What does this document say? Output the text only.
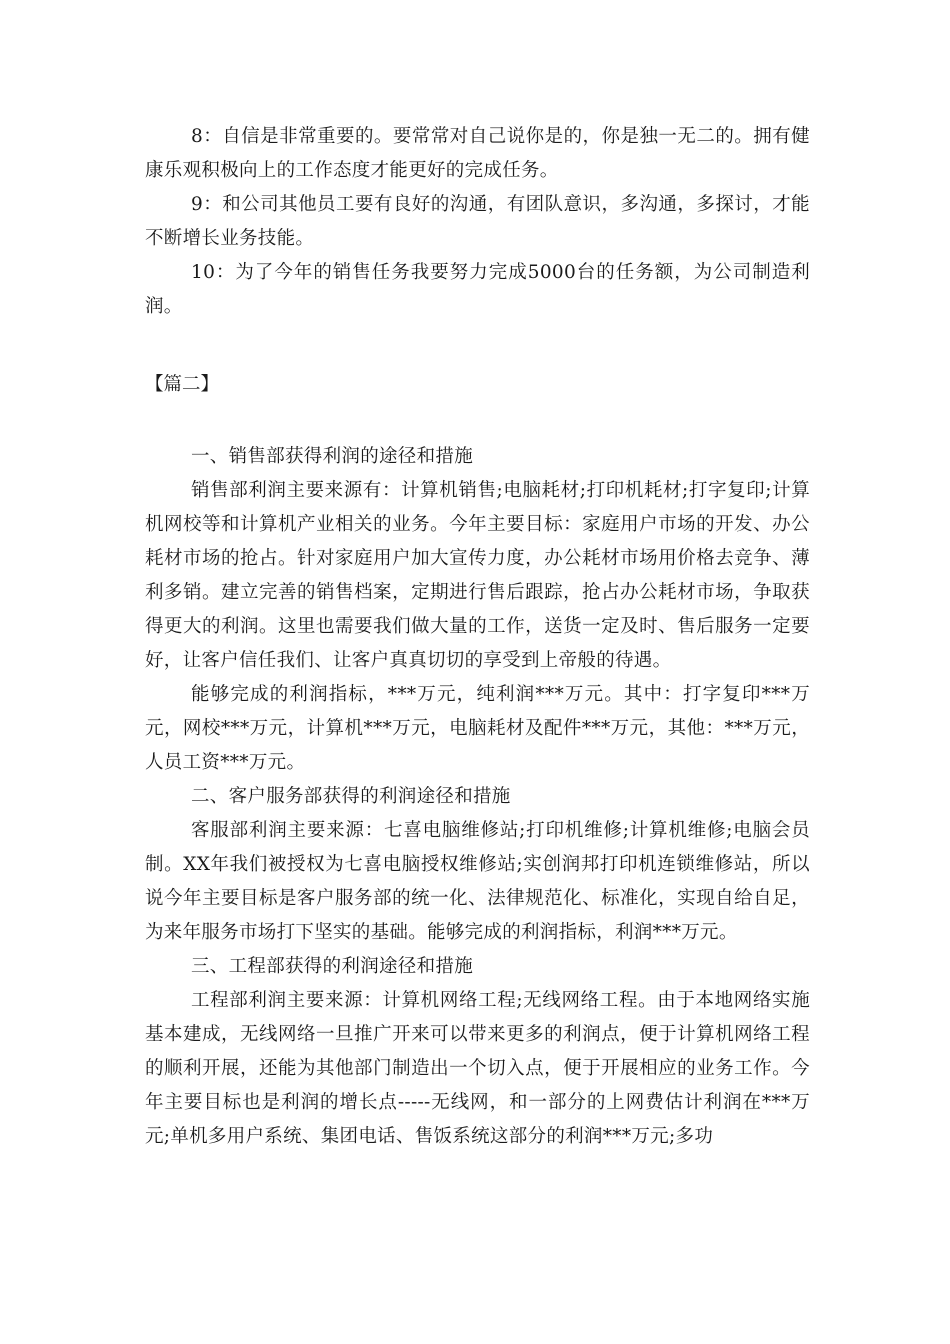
8：自信是非常重要的。要常常对自己说你是的，你是独一无二的。拥有健康乐观积极向上的工作态度才能更好的完成任务。

9：和公司其他员工要有良好的沟通，有团队意识，多沟通，多探讨，才能不断增长业务技能。

10：为了今年的销售任务我要努力完成5000台的任务额，为公司制造利润。

【篇二】

一、销售部获得利润的途径和措施

销售部利润主要来源有：计算机销售;电脑耗材;打印机耗材;打字复印;计算机网校等和计算机产业相关的业务。今年主要目标：家庭用户市场的开发、办公耗材市场的抢占。针对家庭用户加大宣传力度，办公耗材市场用价格去竞争、薄利多销。建立完善的销售档案，定期进行售后跟踪，抢占办公耗材市场，争取获得更大的利润。这里也需要我们做大量的工作，送货一定及时、售后服务一定要好，让客户信任我们、让客户真真切切的享受到上帝般的待遇。

能够完成的利润指标，***万元，纯利润***万元。其中：打字复印***万元，网校***万元，计算机***万元，电脑耗材及配件***万元，其他：***万元，人员工资***万元。

二、客户服务部获得的利润途径和措施

客服部利润主要来源：七喜电脑维修站;打印机维修;计算机维修;电脑会员制。XX年我们被授权为七喜电脑授权维修站;实创润邦打印机连锁维修站，所以说今年主要目标是客户服务部的统一化、法律规范化、标准化，实现自给自足，为来年服务市场打下坚实的基础。能够完成的利润指标，利润***万元。

三、工程部获得的利润途径和措施

工程部利润主要来源：计算机网络工程;无线网络工程。由于本地网络实施基本建成，无线网络一旦推广开来可以带来更多的利润点，便于计算机网络工程的顺利开展，还能为其他部门制造出一个切入点，便于开展相应的业务工作。今年主要目标也是利润的增长点-----无线网，和一部分的上网费估计利润在***万元;单机多用户系统、集团电话、售饭系统这部分的利润***万元;多功
